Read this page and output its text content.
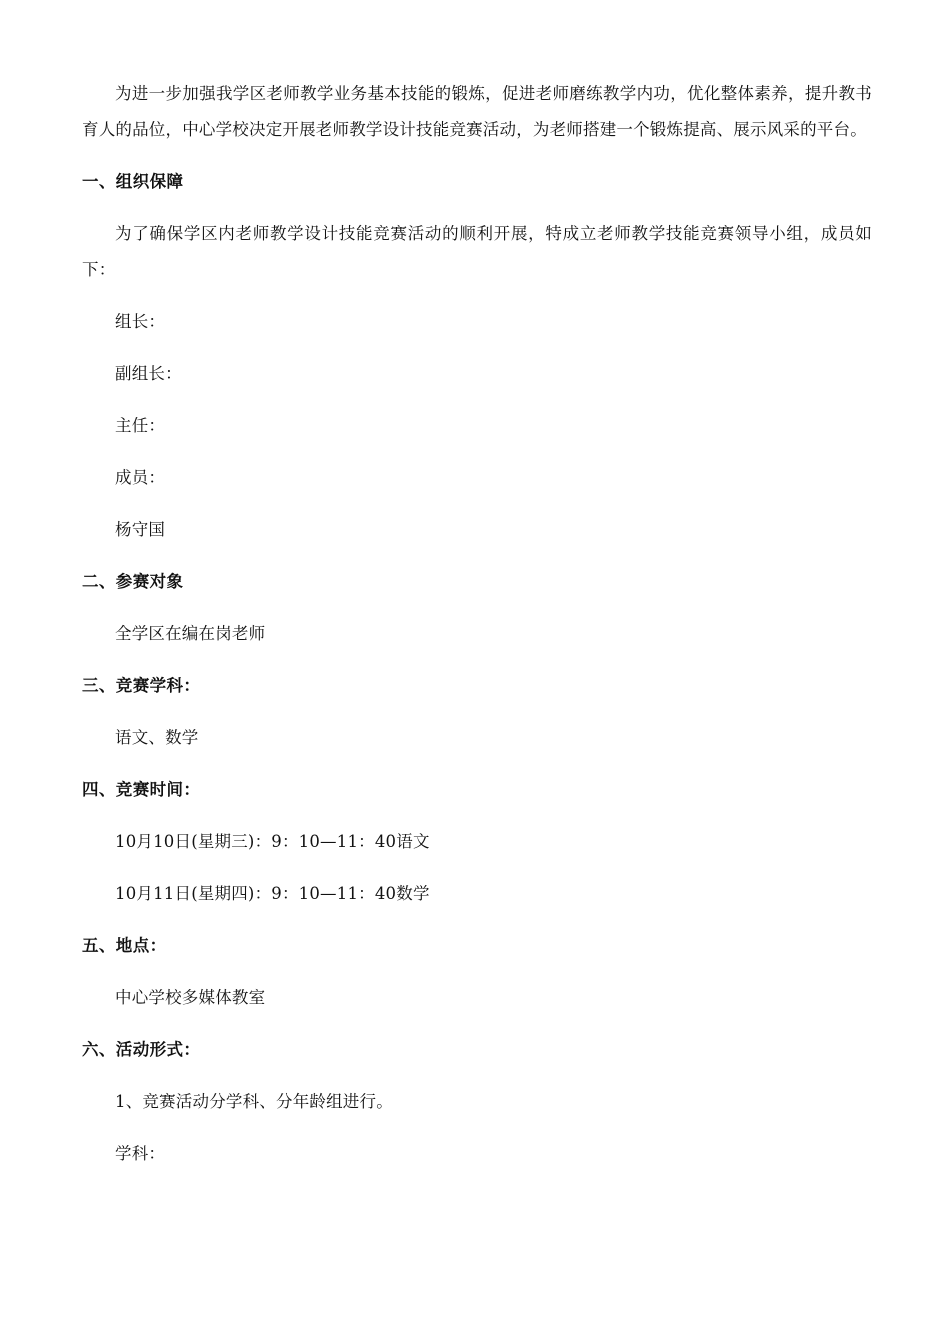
为进一步加强我学区老师教学业务基本技能的锻炼，促进老师磨练教学内功，优化整体素养，提升教书育人的品位，中心学校决定开展老师教学设计技能竞赛活动，为老师搭建一个锻炼提高、展示风采的平台。

一、组织保障

为了确保学区内老师教学设计技能竞赛活动的顺利开展，特成立老师教学技能竞赛领导小组，成员如下：

组长：
副组长：
主任：
成员：
杨守国
二、参赛对象
全学区在编在岗老师
三、竞赛学科：
语文、数学
四、竞赛时间：
10月10日(星期三)：9：10—11：40语文
10月11日(星期四)：9：10—11：40数学
五、地点：
中心学校多媒体教室
六、活动形式：
1、竞赛活动分学科、分年龄组进行。
学科：
